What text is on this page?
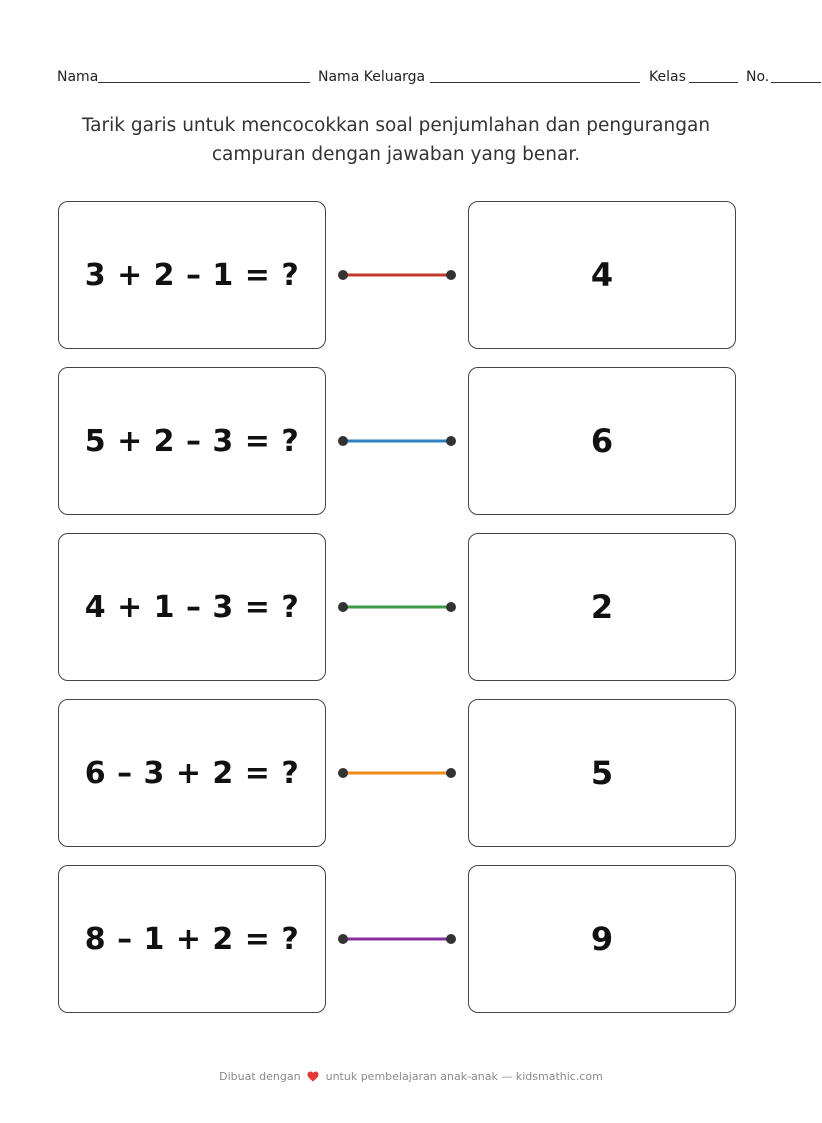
Nama	Nama Keluarga	Kelas	No.
Tarik garis untuk mencocokkan soal penjumlahan dan pengurangan campuran dengan jawaban yang benar.
3 + 2 – 1 = ?	4
5 + 2 – 3 = ?	6
4 + 1 – 3 = ?	2
6 – 3 + 2 = ?	5
8 – 1 + 2 = ?	9
Dibuat dengan untuk pembelajaran anak-anak — kidsmathic.com
